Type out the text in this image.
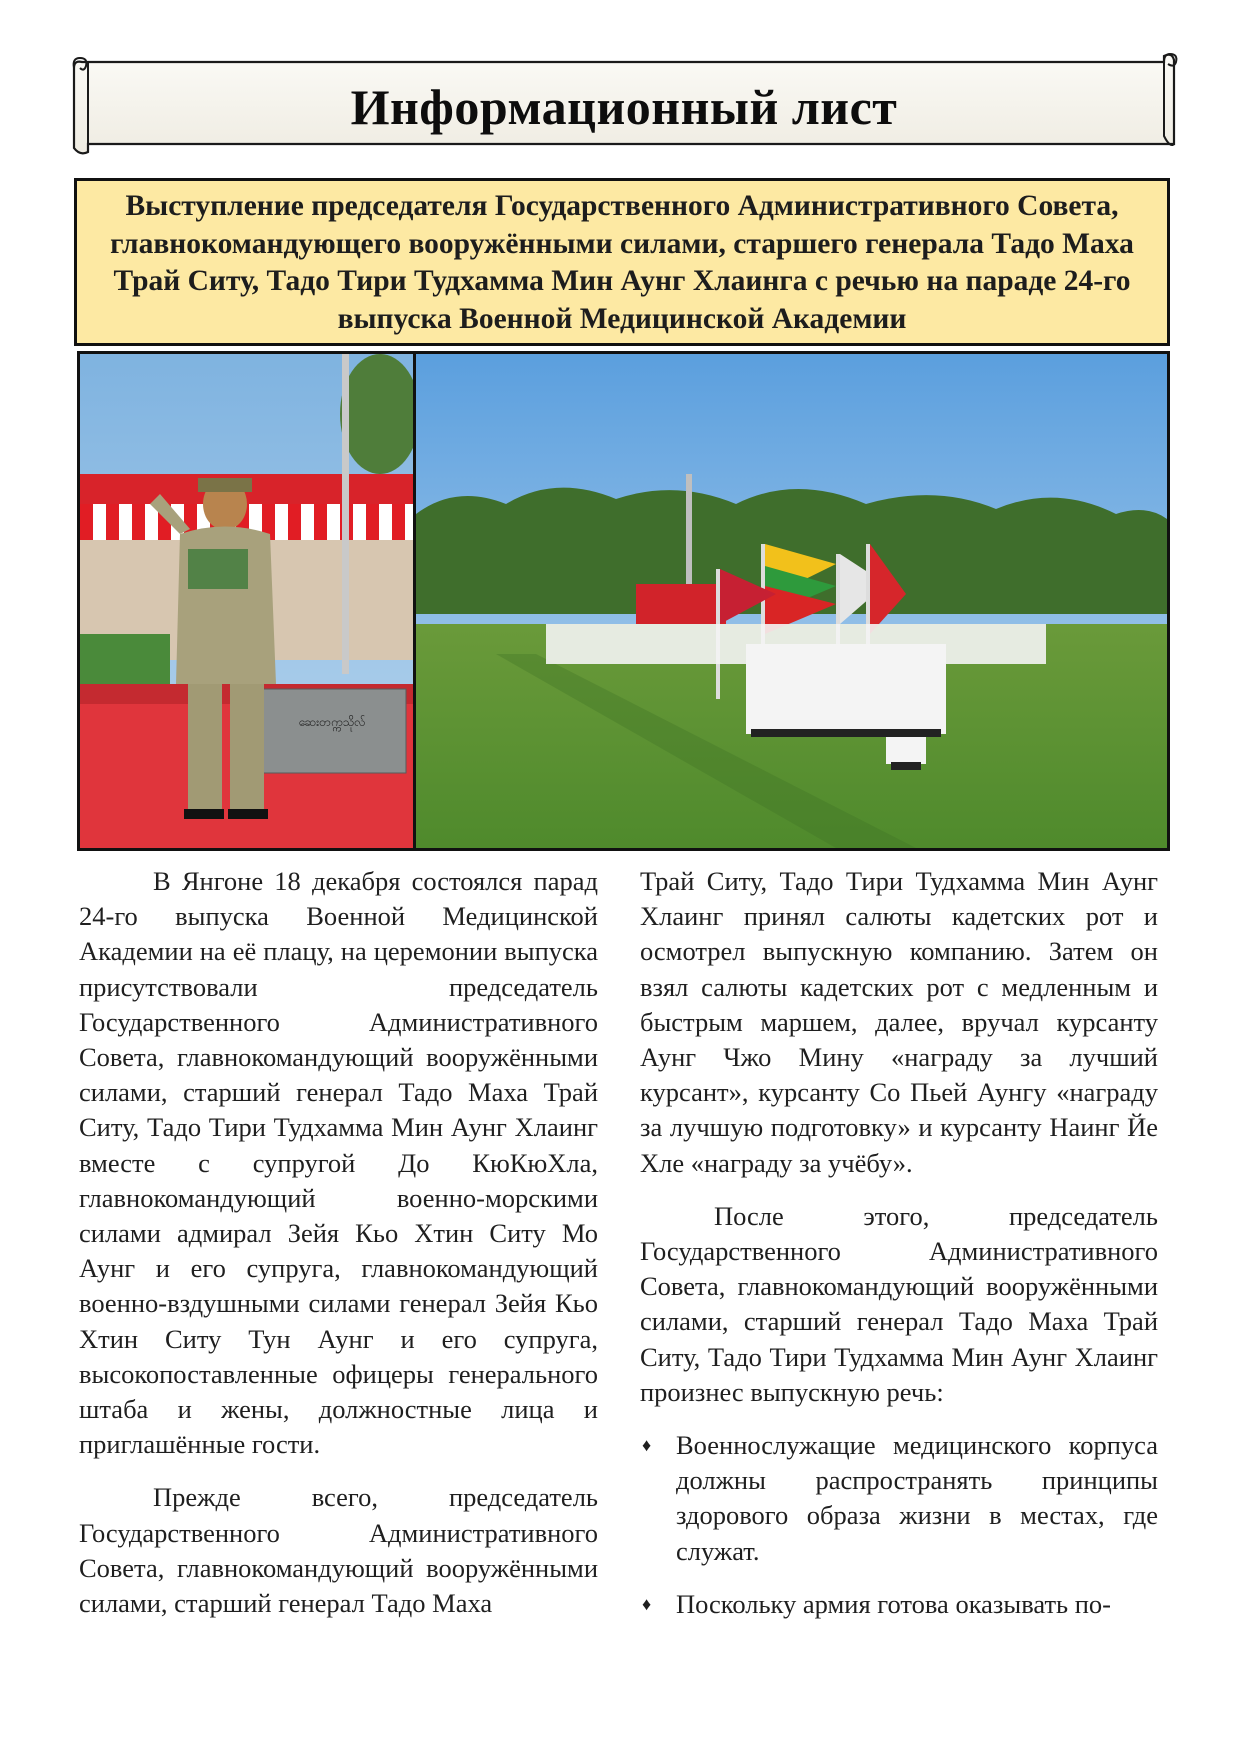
Информационный лист
Выступление председателя Государственного Административного Совета, главнокомандующего вооружёнными силами, старшего генерала Тадо Маха Трай Ситу, Тадо Тири Тудхамма Мин Аунг Хлаинга с речью на параде 24-го выпуска Военной Медицинской Академии
ဆေးတက္ကသိုလ်

В Янгоне 18 декабря состоялся парад 24-го выпуска Военной Медицинской Академии на её плацу, на церемонии выпуска присутствовали председатель Государственного Административного Совета, главнокомандующий вооружёнными силами, старший генерал Тадо Маха Трай Ситу, Тадо Тири Тудхамма Мин Аунг Хлаинг вместе с супругой До КюКюХла, главнокомандующий военно-морскими силами адмирал Зейя Кьо Хтин Ситу Мо Аунг и его супруга, главнокомандующий военно-вздушными силами генерал Зейя Кьо Хтин Ситу Тун Аунг и его супруга, высокопоставленные офицеры генерального штаба и жены, должностные лица и приглашённые гости.

Прежде всего, председатель Государственного Административного Совета, главнокомандующий вооружёнными силами, старший генерал Тадо Маха

Трай Ситу, Тадо Тири Тудхамма Мин Аунг Хлаинг принял салюты кадетских рот и осмотрел выпускную компанию. Затем он взял салюты кадетских рот с медленным и быстрым маршем, далее, вручал курсанту Аунг Чжо Мину «награду за лучший курсант», курсанту Со Пьей Аунгу «награду за лучшую подготовку» и курсанту Наинг Йе Хле «награду за учёбу».

После этого, председатель Государственного Административного Совета, главнокомандующий вооружёнными силами, старший генерал Тадо Маха Трай Ситу, Тадо Тири Тудхамма Мин Аунг Хлаинг произнес выпускную речь:

♦ Военнослужащие медицинского корпуса должны распространять принципы здорового образа жизни в местах, где служат.
♦ Поскольку армия готова оказывать по-
